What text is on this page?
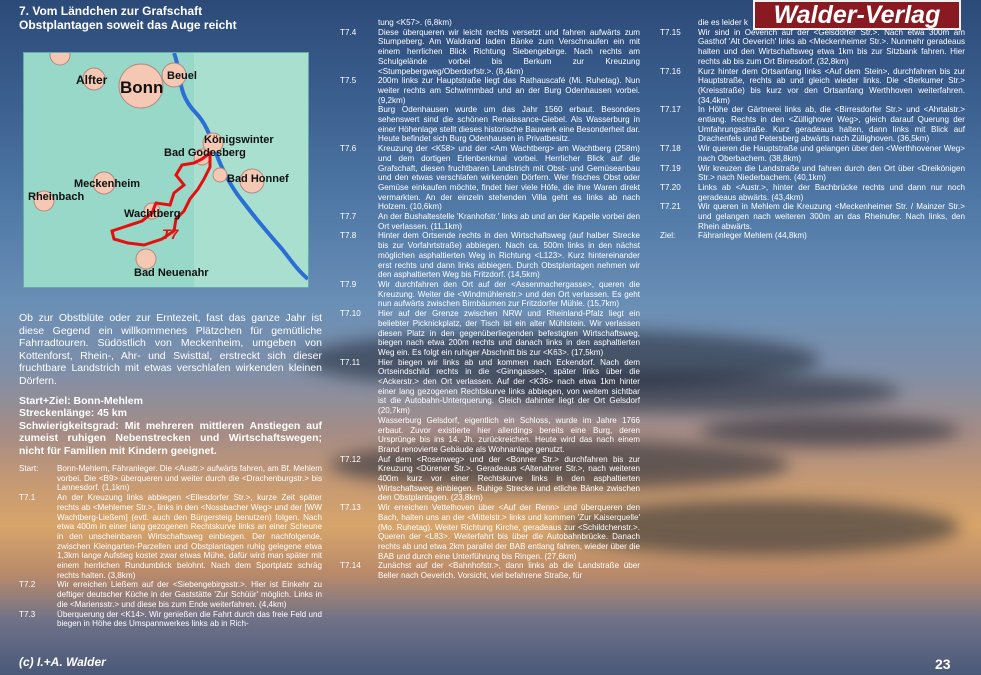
Walder-Verlag
7. Vom Ländchen zur Grafschaft
Obstplantagen soweit das Auge reicht

Ob zur Obstblüte oder zur Erntezeit, fast das ganze Jahr ist diese Gegend ein willkommenes Plätzchen für gemütliche Fahrradtouren. Südöstlich von Meckenheim, umgeben von Kottenforst, Rhein-, Ahr- und Swisttal, erstreckt sich dieser fruchtbare Landstrich mit etwas verschlafen wirkenden kleinen Dörfern.

Start+Ziel: Bonn-Mehlem

Streckenlänge: 45 km

Schwierigkeitsgrad: Mit mehreren mittleren Anstiegen auf zumeist ruhigen Nebenstrecken und Wirtschaftswegen; nicht für Familien mit Kindern geeignet.

Start:	Bonn-Mehlem, Fähranleger. Die <Austr.> aufwärts fahren, am Bf. Mehlem vorbei. Die <B9> überqueren und weiter durch die <Drachenburgstr.> bis Lannesdorf. (1,1km)
T7.1	An der Kreuzung links abbiegen <Ellesdorfer Str.>, kurze Zeit später rechts ab <Mehlemer Str.>, links in den <Nossbacher Weg> und der [WW Wachtberg-Ließem] (evtl. auch den Bürgersteig benutzen) folgen. Nach etwa 400m in einer lang gezogenen Rechtskurve links an einer Scheune in den unscheinbaren Wirtschaftsweg einbiegen. Der nachfolgende, zwischen Kleingarten-Parzellen und Obstplantagen ruhig gelegene etwa 1,3km lange Aufstieg kostet zwar etwas Mühe, dafür wird man später mit einem herrlichen Rundumblick belohnt. Nach dem Sportplatz schräg rechts halten. (3,8km)
T7.2	Wir erreichen Ließem auf der <Siebengebirgsstr.>. Hier ist Einkehr zu deftiger deutscher Küche in der Gaststätte 'Zur Schüür' möglich. Links in die <Mariensstr.> und diese bis zum Ende weiterfahren. (4,4km)
T7.3	Überquerung der <K14>. Wir genießen die Fahrt durch das freie Feld und biegen in Höhe des Umspannwerkes links ab in Rich-
Alfter	Beuel
Bonn
Königswinter
Bad Godesberg
Meckenheim
Rheinbach
Bad Honnef
Wachtberg
Bad Neuenahr
T7
tung <K57>. (6,8km)
T7.4	Diese überqueren wir leicht rechts versetzt und fahren aufwärts zum Stumpeberg. Am Waldrand laden Bänke zum Verschnaufen ein mit einem herrlichen Blick Richtung Siebengebirge. Nach rechts am Schulgelände vorbei bis Berkum zur Kreuzung <Stumpebergweg/Oberdorfstr.>. (8,4km)
T7.5	200m links zur Hauptstraße liegt das Rathauscafé (Mi. Ruhetag). Nun weiter rechts am Schwimmbad und an der Burg Odenhausen vorbei. (9,2km)
Burg Odenhausen wurde um das Jahr 1560 erbaut. Besonders sehenswert sind die schönen Renaissance-Giebel. Als Wasserburg in einer Höhenlage stellt dieses historische Bauwerk eine Besonderheit dar. Heute befindet sich Burg Odenhausen in Privatbesitz.
T7.6	Kreuzung der <K58> und der <Am Wachtberg> am Wachtberg (258m) und dem dortigen Erlenbenkmal vorbei. Herrlicher Blick auf die Grafschaft, diesen fruchtbaren Landstrich mit Obst- und Gemüseanbau und den etwas verschlafen wirkenden Dörfern. Wer frisches Obst oder Gemüse einkaufen möchte, findet hier viele Höfe, die ihre Waren direkt vermarkten. An der einzeln stehenden Villa geht es links ab nach Holzem. (10,6km)
T7.7	An der Bushaltestelle 'Kranhofstr.' links ab und an der Kapelle vorbei den Ort verlassen. (11,1km)
T7.8	Hinter dem Ortsende rechts in den Wirtschaftsweg (auf halber Strecke bis zur Vorfahrtstraße) abbiegen. Nach ca. 500m links in den nächst möglichen asphaltierten Weg in Richtung <L123>. Kurz hintereinander erst rechts und dann links abbiegen. Durch Obstplantagen nehmen wir den asphaltierten Weg bis Fritzdorf. (14,5km)
T7.9	Wir durchfahren den Ort auf der <Assenmachergasse>, queren die Kreuzung. Weiter die <Windmühlenstr.> und den Ort verlassen. Es geht nun aufwärts zwischen Birnbäumen zur Fritzdorfer Mühle. (15,7km)
T7.10	Hier auf der Grenze zwischen NRW und Rheinland-Pfalz liegt ein beliebter Picknickplatz, der Tisch ist ein alter Mühlstein. Wir verlassen diesen Platz in den gegenüberliegenden befestigten Wirtschaftsweg, biegen nach etwa 200m rechts und danach links in den asphaltierten Weg ein. Es folgt ein ruhiger Abschnitt bis zur <K63>. (17,5km)
T7.11	Hier biegen wir links ab und kommen nach Eckendorf. Nach dem Ortseindschild rechts in die <Ginngasse>, später links über die <Ackerstr.> den Ort verlassen. Auf der <K36> nach etwa 1km hinter einer lang gezogenen Rechtskurve links abbiegen, von weitem sichtbar ist die Autobahn-Unterquerung. Gleich dahinter liegt der Ort Gelsdorf (20,7km)
Wasserburg Gelsdorf, eigentlich ein Schloss, wurde im Jahre 1766 erbaut. Zuvor existierte hier allerdings bereits eine Burg, deren Ursprünge bis ins 14. Jh. zurückreichen. Heute wird das nach einem Brand renovierte Gebäude als Wohnanlage genutzt.
T7.12	Auf dem <Rosenweg> und der <Bonner Str.> durchfahren bis zur Kreuzung <Dürener Str.>. Geradeaus <Altenahrer Str.>, nach weiteren 400m kurz vor einer Rechtskurve links in den asphaltierten Wirtschaftsweg einbiegen. Ruhige Strecke und etliche Bänke zwischen den Obstplantagen. (23,8km)
T7.13	Wir erreichen Vettelhoven über <Auf der Renn> und überqueren den Bach, halten uns an der <Mittelstr.> links und kommen 'Zur Kaiserquelle' (Mo. Ruhetag). Weiter Richtung Kirche, geradeaus zur <Schildchenstr.>. Queren der <L83>. Weiterfahrt bis über die Autobahnbrücke. Danach rechts ab und etwa 2km parallel der BAB entlang fahren, wieder über die BAB und durch eine Unterführung bis Ringen. (27,6km)
T7.14	Zunächst auf der <Bahnhofstr.>, dann links ab die Landstraße über Beller nach Oeverich. Vorsicht, viel befahrene Straße, für
die es leider k
T7.15	Wir sind in Oeverich auf der <Gelsdorfer Str.>. Nach etwa 300m am Gasthof 'Alt Oeverich' links ab <Meckenheimer Str.>. Nunmehr geradeaus halten und den Wirtschaftsweg etwa 1km bis zur Sitzbank fahren. Hier rechts ab bis zum Ort Birresdorf. (32,8km)
T7.16	Kurz hinter dem Ortsanfang links <Auf dem Stein>, durchfahren bis zur Hauptstraße, rechts ab und gleich wieder links. Die <Berkumer Str.> (Kreisstraße) bis kurz vor den Ortsanfang Werthhoven weiterfahren. (34,4km)
T7.17	In Höhe der Gärtnerei links ab, die <Birresdorfer Str.> und <Ahrtalstr.> entlang. Rechts in den <Züllighover Weg>, gleich darauf Querung der Umfahrungsstraße. Kurz geradeaus halten, dann links mit Blick auf Drachenfels und Petersberg abwärts nach Züllighoven. (36,5km)
T7.18	Wir queren die Hauptstraße und gelangen über den <Werthhovener Weg> nach Oberbachem. (38,8km)
T7.19	Wir kreuzen die Landstraße und fahren durch den Ort über <Dreikönigen Str.> nach Niederbachem. (40,1km)
T7.20	Links ab <Austr.>, hinter der Bachbrücke rechts und dann nur noch geradeaus abwärts. (43,4km)
T7.21	Wir queren in Mehlem die Kreuzung <Meckenheimer Str. / Mainzer Str.> und gelangen nach weiteren 300m an das Rheinufer. Nach links, den Rhein abwärts.
Ziel:	Fähranleger Mehlem (44,8km)
(c) I.+A. Walder	23
